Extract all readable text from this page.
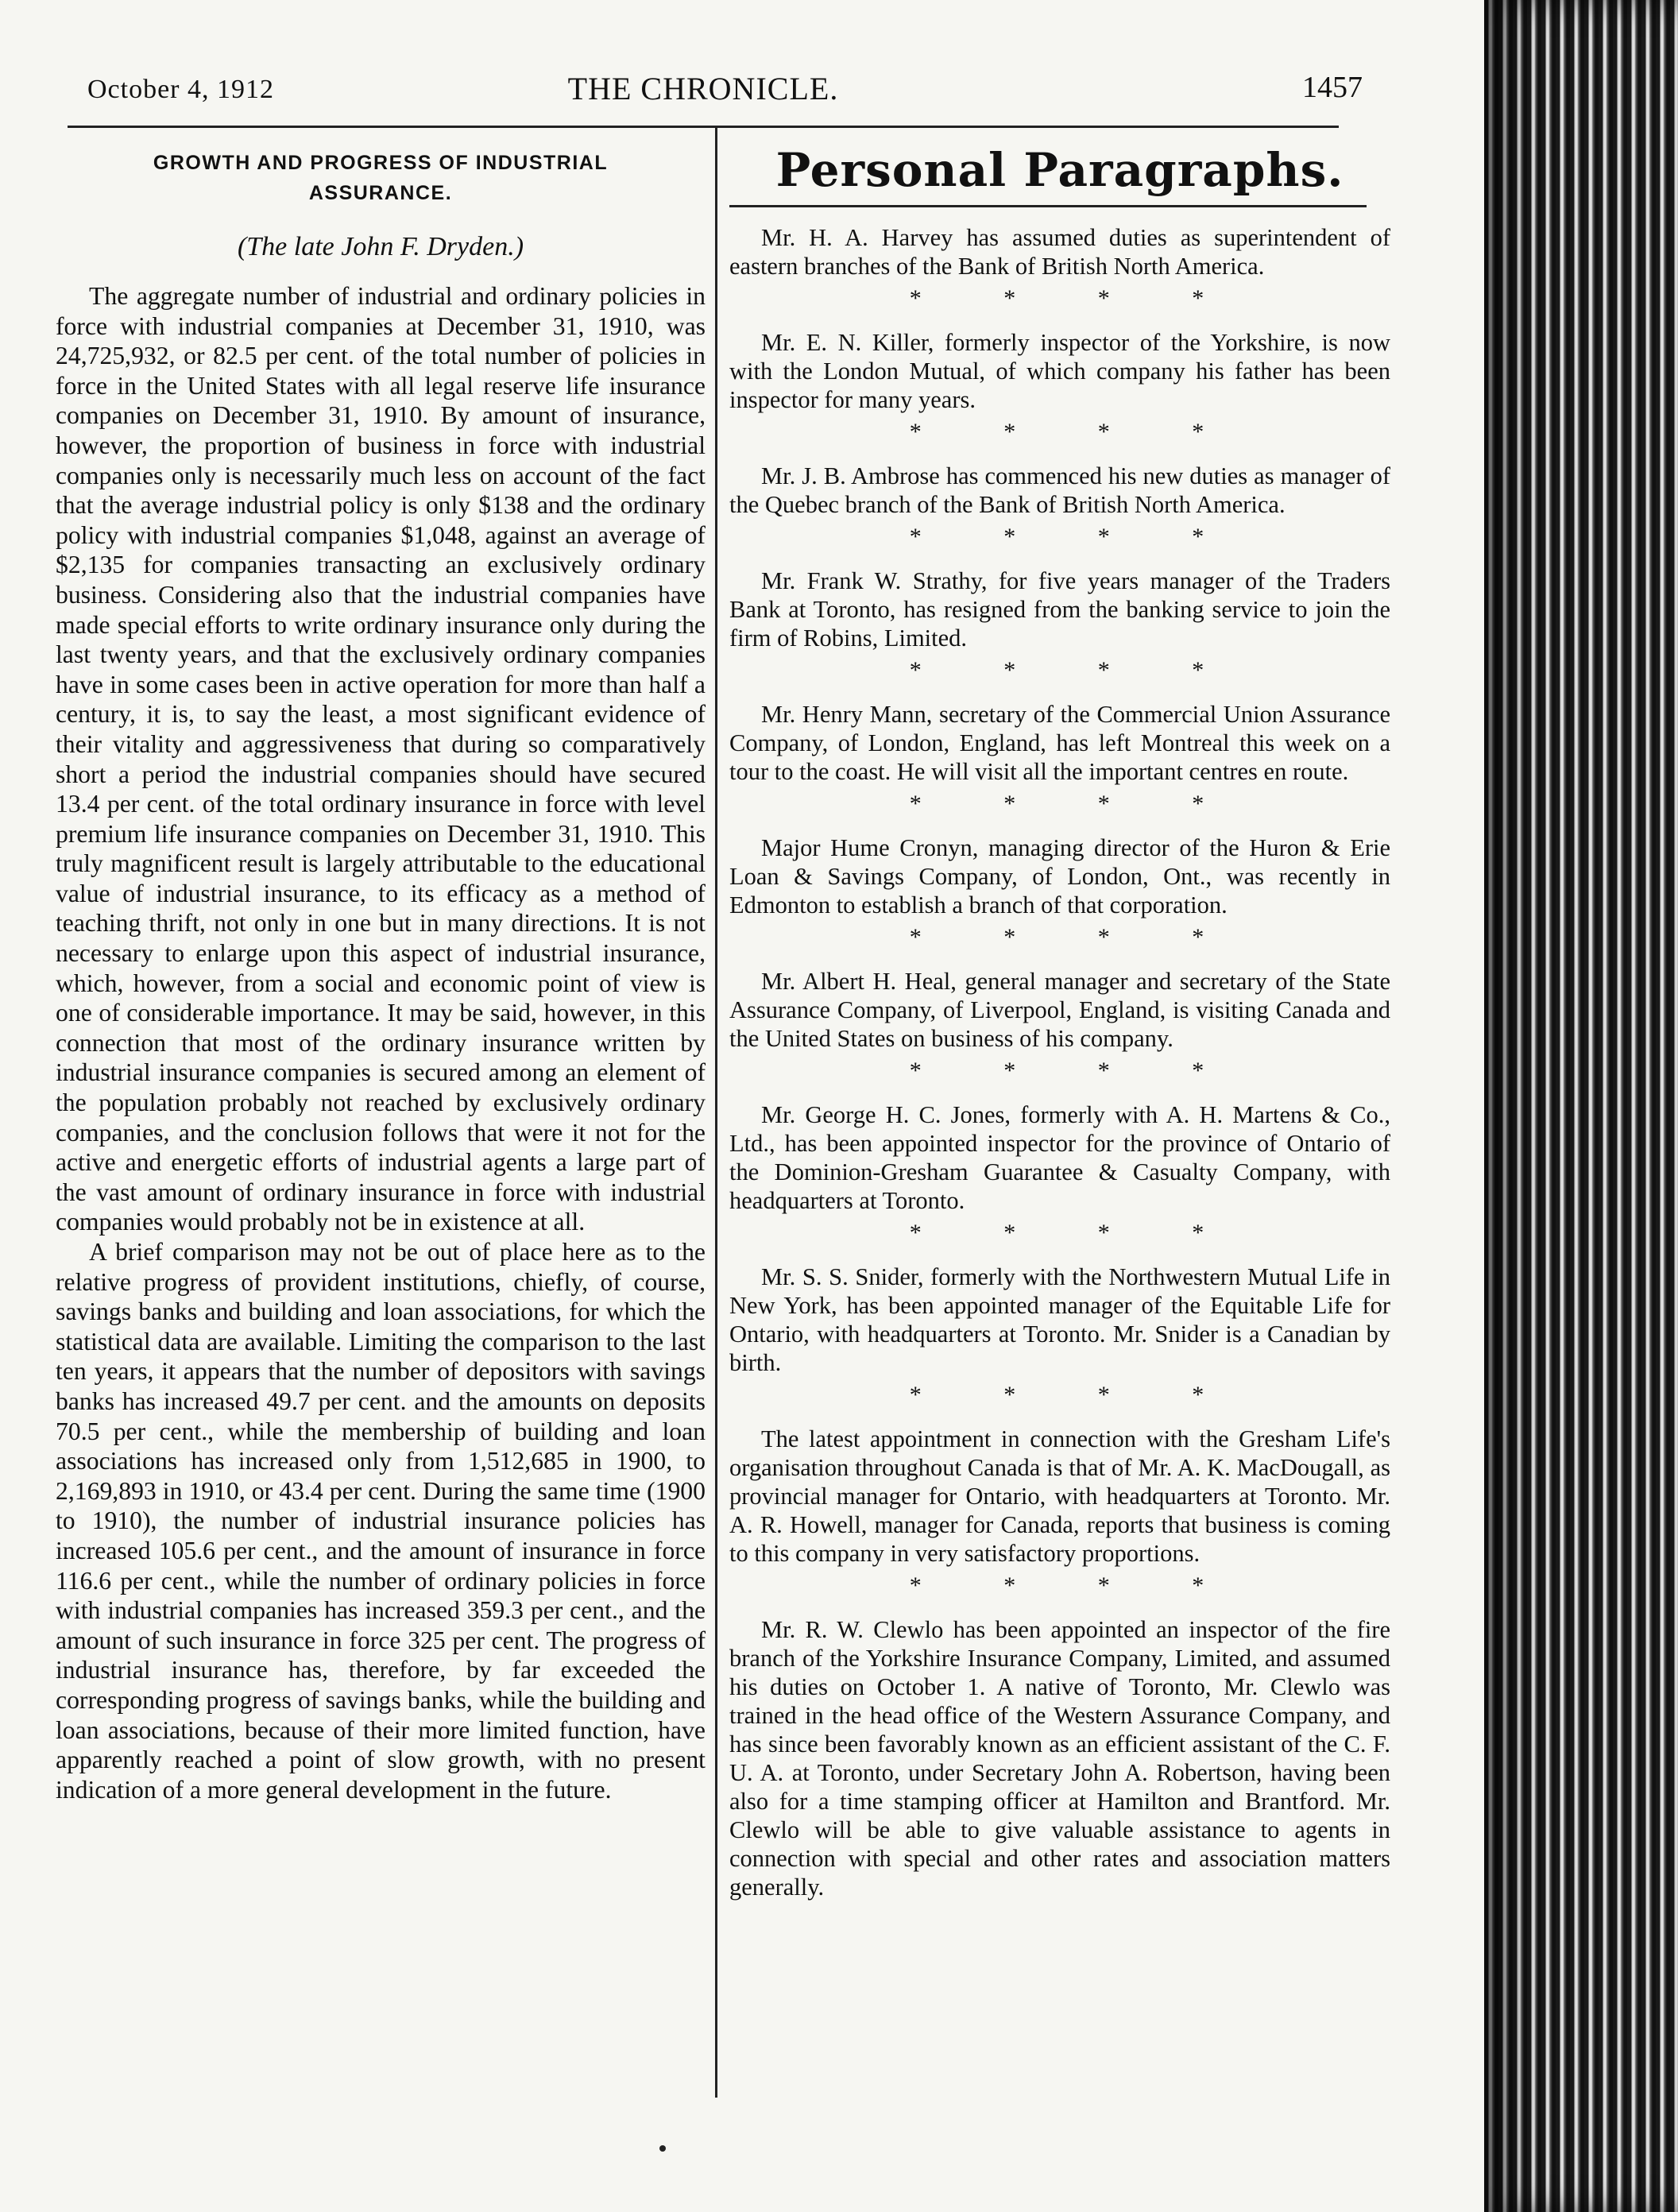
October 4, 1912	THE CHRONICLE.	1457
GROWTH AND PROGRESS OF INDUSTRIAL ASSURANCE.
(The late John F. Dryden.)

The aggregate number of industrial and ordinary policies in force with industrial companies at December 31, 1910, was 24,725,932, or 82.5 per cent. of the total number of policies in force in the United States with all legal reserve life insurance companies on December 31, 1910. By amount of insurance, however, the proportion of business in force with industrial companies only is necessarily much less on account of the fact that the average industrial policy is only $138 and the ordinary policy with industrial companies $1,048, against an average of $2,135 for companies transacting an exclusively ordinary business. Considering also that the industrial companies have made special efforts to write ordinary insurance only during the last twenty years, and that the exclusively ordinary companies have in some cases been in active operation for more than half a century, it is, to say the least, a most significant evidence of their vitality and aggressiveness that during so comparatively short a period the industrial companies should have secured 13.4 per cent. of the total ordinary insurance in force with level premium life insurance companies on December 31, 1910. This truly magnificent result is largely attributable to the educational value of industrial insurance, to its efficacy as a method of teaching thrift, not only in one but in many directions. It is not necessary to enlarge upon this aspect of industrial insurance, which, however, from a social and economic point of view is one of considerable importance. It may be said, however, in this connection that most of the ordinary insurance written by industrial insurance companies is secured among an element of the population probably not reached by exclusively ordinary companies, and the conclusion follows that were it not for the active and energetic efforts of industrial agents a large part of the vast amount of ordinary insurance in force with industrial companies would probably not be in existence at all.

A brief comparison may not be out of place here as to the relative progress of provident institutions, chiefly, of course, savings banks and building and loan associations, for which the statistical data are available. Limiting the comparison to the last ten years, it appears that the number of depositors with savings banks has increased 49.7 per cent. and the amounts on deposits 70.5 per cent., while the membership of building and loan associations has increased only from 1,512,685 in 1900, to 2,169,893 in 1910, or 43.4 per cent. During the same time (1900 to 1910), the number of industrial insurance policies has increased 105.6 per cent., and the amount of insurance in force 116.6 per cent., while the number of ordinary policies in force with industrial companies has increased 359.3 per cent., and the amount of such insurance in force 325 per cent. The progress of industrial insurance has, therefore, by far exceeded the corresponding progress of savings banks, while the building and loan associations, because of their more limited function, have apparently reached a point of slow growth, with no present indication of a more general development in the future.

Personal Paragraphs.

Mr. H. A. Harvey has assumed duties as superintendent of eastern branches of the Bank of British North America.

* * * *

Mr. E. N. Killer, formerly inspector of the Yorkshire, is now with the London Mutual, of which company his father has been inspector for many years.

* * * *

Mr. J. B. Ambrose has commenced his new duties as manager of the Quebec branch of the Bank of British North America.

* * * *

Mr. Frank W. Strathy, for five years manager of the Traders Bank at Toronto, has resigned from the banking service to join the firm of Robins, Limited.

* * * *

Mr. Henry Mann, secretary of the Commercial Union Assurance Company, of London, England, has left Montreal this week on a tour to the coast. He will visit all the important centres en route.

* * * *

Major Hume Cronyn, managing director of the Huron & Erie Loan & Savings Company, of London, Ont., was recently in Edmonton to establish a branch of that corporation.

* * * *

Mr. Albert H. Heal, general manager and secretary of the State Assurance Company, of Liverpool, England, is visiting Canada and the United States on business of his company.

* * * *

Mr. George H. C. Jones, formerly with A. H. Martens & Co., Ltd., has been appointed inspector for the province of Ontario of the Dominion-Gresham Guarantee & Casualty Company, with headquarters at Toronto.

* * * *

Mr. S. S. Snider, formerly with the Northwestern Mutual Life in New York, has been appointed manager of the Equitable Life for Ontario, with headquarters at Toronto. Mr. Snider is a Canadian by birth.

* * * *

The latest appointment in connection with the Gresham Life's organisation throughout Canada is that of Mr. A. K. MacDougall, as provincial manager for Ontario, with headquarters at Toronto. Mr. A. R. Howell, manager for Canada, reports that business is coming to this company in very satisfactory proportions.

* * * *

Mr. R. W. Clewlo has been appointed an inspector of the fire branch of the Yorkshire Insurance Company, Limited, and assumed his duties on October 1. A native of Toronto, Mr. Clewlo was trained in the head office of the Western Assurance Company, and has since been favorably known as an efficient assistant of the C. F. U. A. at Toronto, under Secretary John A. Robertson, having been also for a time stamping officer at Hamilton and Brantford. Mr. Clewlo will be able to give valuable assistance to agents in connection with special and other rates and association matters generally.
